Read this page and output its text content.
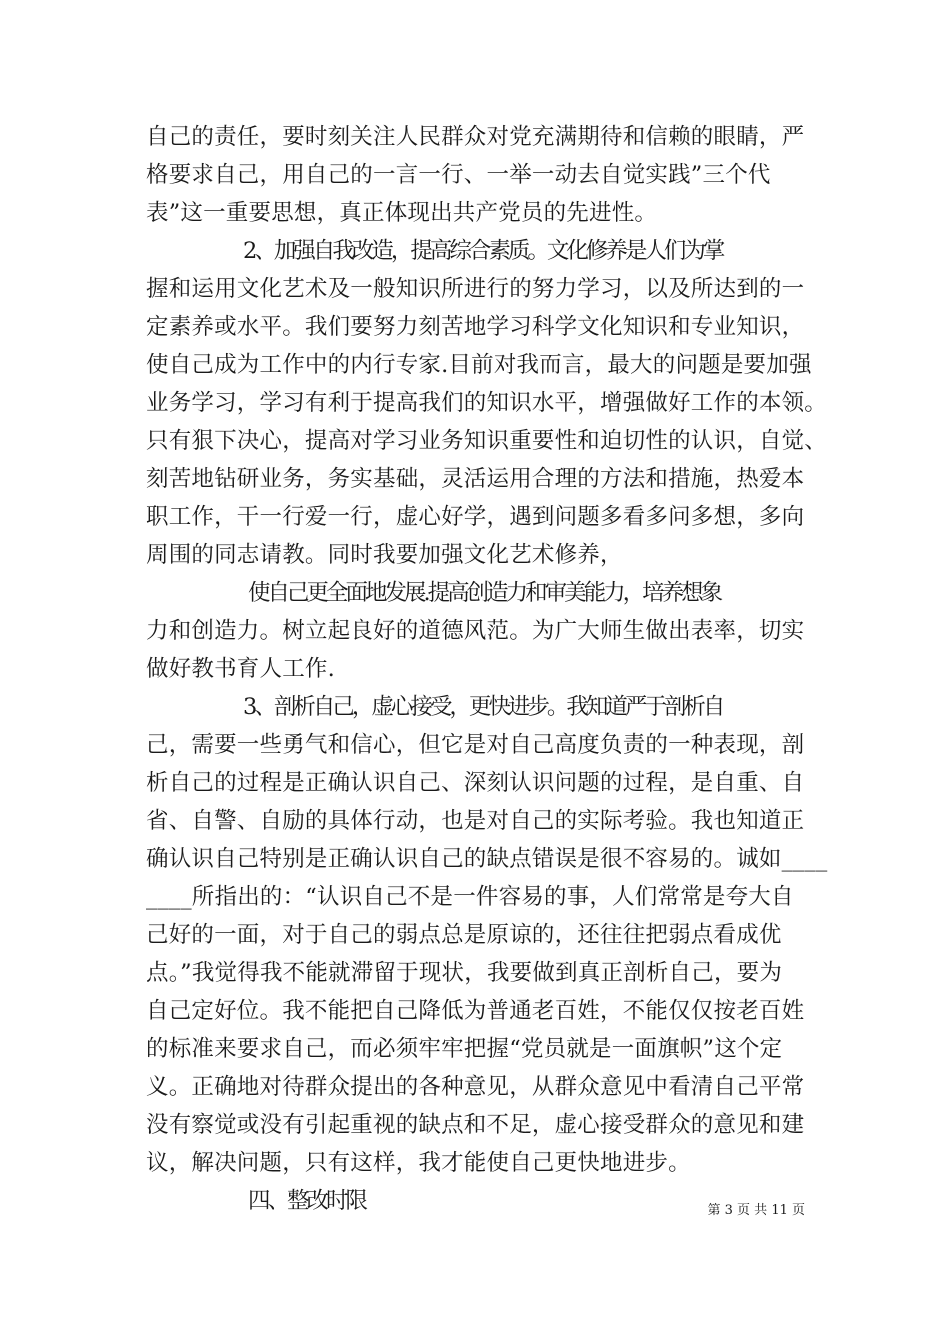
自己的责任，要时刻关注人民群众对党充满期待和信赖的眼睛，严
格要求自己，用自己的一言一行、一举一动去自觉实践”三个代
表”这一重要思想，真正体现出共产党员的先进性。
2、加强自我改造，提高综合素质。文化修养是人们为掌
握和运用文化艺术及一般知识所进行的努力学习，以及所达到的一
定素养或水平。我们要努力刻苦地学习科学文化知识和专业知识，
使自己成为工作中的内行专家.目前对我而言，最大的问题是要加强
业务学习，学习有利于提高我们的知识水平，增强做好工作的本领。
只有狠下决心，提高对学习业务知识重要性和迫切性的认识，自觉、
刻苦地钻研业务，务实基础，灵活运用合理的方法和措施，热爱本
职工作，干一行爱一行，虚心好学，遇到问题多看多问多想，多向
周围的同志请教。同时我要加强文化艺术修养，
使自己更全面地发展.提高创造力和审美能力，培养想象
力和创造力。树立起良好的道德风范。为广大师生做出表率，切实
做好教书育人工作.
3、剖析自己，虚心接受，更快进步。我知道严于剖析自
己，需要一些勇气和信心，但它是对自己高度负责的一种表现，剖
析自己的过程是正确认识自己、深刻认识问题的过程，是自重、自
省、自警、自励的具体行动，也是对自己的实际考验。我也知道正
确认识自己特别是正确认识自己的缺点错误是很不容易的。诚如____
____所指出的：“认识自己不是一件容易的事，人们常常是夸大自
己好的一面，对于自己的弱点总是原谅的，还往往把弱点看成优
点。”我觉得我不能就滞留于现状，我要做到真正剖析自己，要为
自己定好位。我不能把自己降低为普通老百姓，不能仅仅按老百姓
的标准来要求自己，而必须牢牢把握“党员就是一面旗帜”这个定
义。正确地对待群众提出的各种意见，从群众意见中看清自己平常
没有察觉或没有引起重视的缺点和不足，虚心接受群众的意见和建
议，解决问题，只有这样，我才能使自己更快地进步。
四、整改时限	第 3 页 共 11 页
